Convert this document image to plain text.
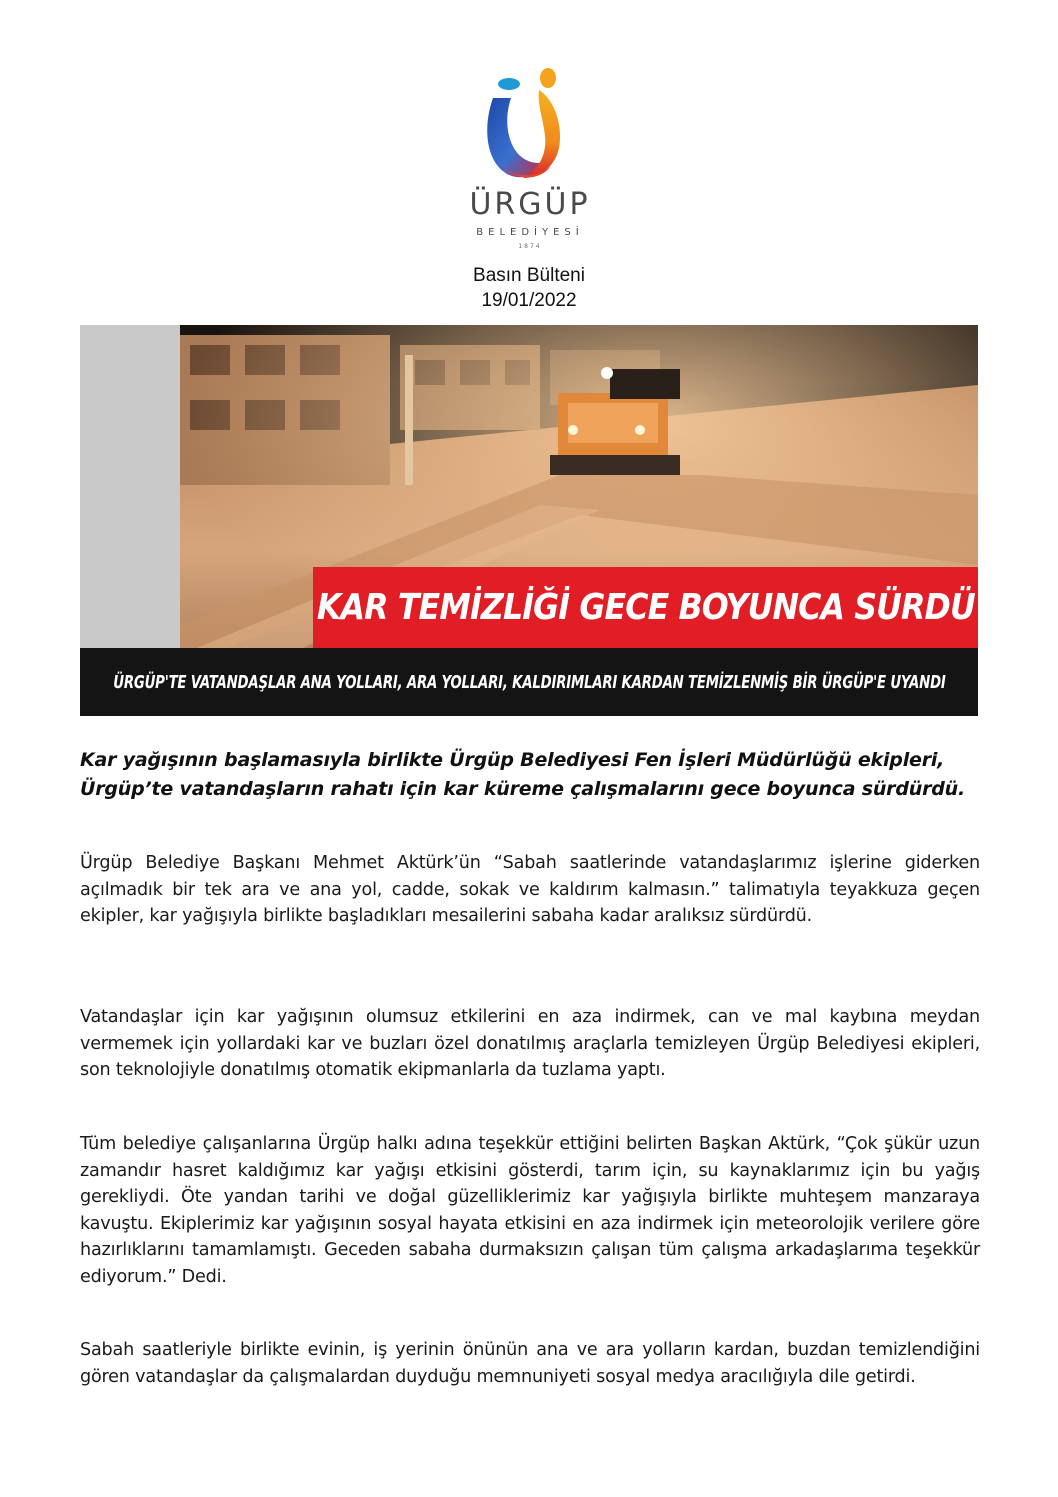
ÜRGÜP
BELEDİYESİ
1874
Basın Bülteni
19/01/2022
KAR TEMİZLİĞİ GECE BOYUNCA SÜRDÜ
ÜRGÜP'TE VATANDAŞLAR ANA YOLLARI, ARA YOLLARI, KALDIRIMLARI KARDAN TEMİZLENMİŞ BİR ÜRGÜP'E UYANDI
Kar yağışının başlamasıyla birlikte Ürgüp Belediyesi Fen İşleri Müdürlüğü ekipleri, Ürgüp’te vatandaşların rahatı için kar küreme çalışmalarını gece boyunca sürdürdü.
Ürgüp Belediye Başkanı Mehmet Aktürk’ün “Sabah saatlerinde vatandaşlarımız işlerine giderken açılmadık bir tek ara ve ana yol, cadde, sokak ve kaldırım kalmasın.” talimatıyla teyakkuza geçen ekipler, kar yağışıyla birlikte başladıkları mesailerini sabaha kadar aralıksız sürdürdü.
Vatandaşlar için kar yağışının olumsuz etkilerini en aza indirmek, can ve mal kaybına meydan vermemek için yollardaki kar ve buzları özel donatılmış araçlarla temizleyen Ürgüp Belediyesi ekipleri, son teknolojiyle donatılmış otomatik ekipmanlarla da tuzlama yaptı.
Tüm belediye çalışanlarına Ürgüp halkı adına teşekkür ettiğini belirten Başkan Aktürk, “Çok şükür uzun zamandır hasret kaldığımız kar yağışı etkisini gösterdi, tarım için, su kaynaklarımız için bu yağış gerekliydi. Öte yandan tarihi ve doğal güzelliklerimiz kar yağışıyla birlikte muhteşem manzaraya kavuştu. Ekiplerimiz kar yağışının sosyal hayata etkisini en aza indirmek için meteorolojik verilere göre hazırlıklarını tamamlamıştı. Geceden sabaha durmaksızın çalışan tüm çalışma arkadaşlarıma teşekkür ediyorum.” Dedi.
Sabah saatleriyle birlikte evinin, iş yerinin önünün ana ve ara yolların kardan, buzdan temizlendiğini gören vatandaşlar da çalışmalardan duyduğu memnuniyeti sosyal medya aracılığıyla dile getirdi.
